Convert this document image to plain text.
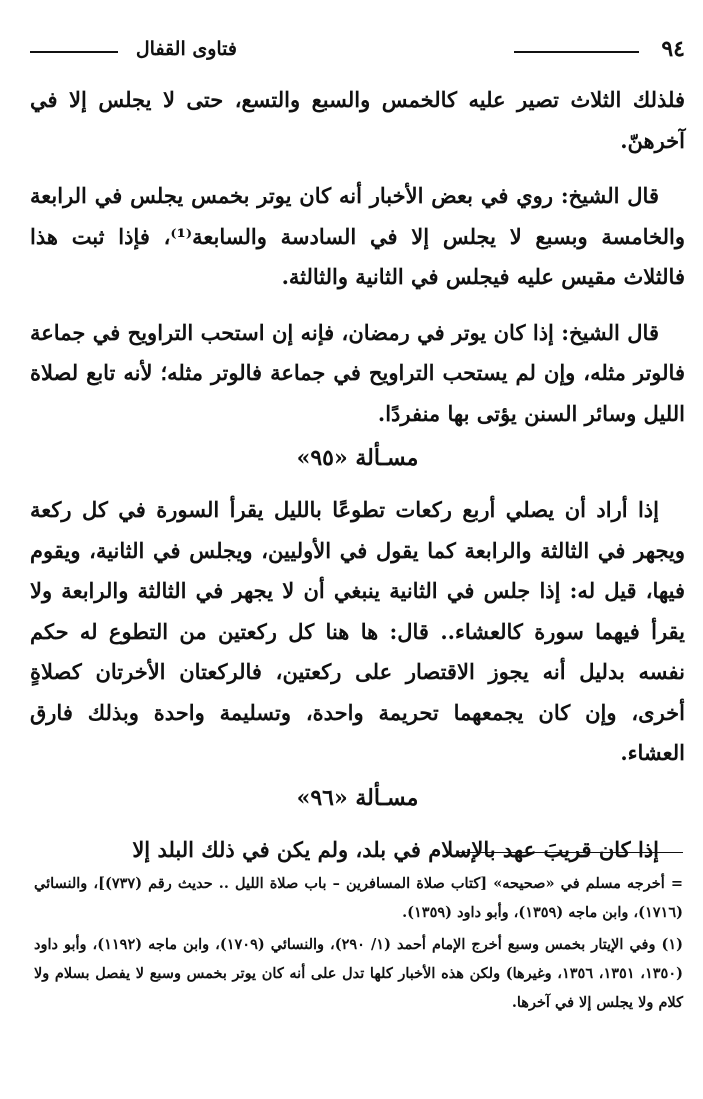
٩٤
فتاوى القفال

فلذلك الثلاث تصير عليه كالخمس والسبع والتسع، حتى لا يجلس إلا في آخرهنّ.

قال الشيخ: روي في بعض الأخبار أنه كان يوتر بخمس يجلس في الرابعة والخامسة وبسبع لا يجلس إلا في السادسة والسابعة⁽¹⁾، فإذا ثبت هذا فالثلاث مقيس عليه فيجلس في الثانية والثالثة.

قال الشيخ: إذا كان يوتر في رمضان، فإنه إن استحب التراويح في جماعة فالوتر مثله، وإن لم يستحب التراويح في جماعة فالوتر مثله؛ لأنه تابع لصلاة الليل وسائر السنن يؤتى بها منفردًا.

مسـألة «٩٥»

إذا أراد أن يصلي أربع ركعات تطوعًا بالليل يقرأ السورة في كل ركعة ويجهر في الثالثة والرابعة كما يقول في الأوليين، ويجلس في الثانية، ويقوم فيها، قيل له: إذا جلس في الثانية ينبغي أن لا يجهر في الثالثة والرابعة ولا يقرأ فيهما سورة كالعشاء.. قال: ها هنا كل ركعتين من التطوع له حكم نفسه بدليل أنه يجوز الاقتصار على ركعتين، فالركعتان الأخرتان كصلاةٍ أخرى، وإن كان يجمعهما تحريمة واحدة، وتسليمة واحدة وبذلك فارق العشاء.

مسـألة «٩٦»

إذا كان قريبَ عهد بالإسلام في بلد، ولم يكن في ذلك البلد إلا

= أخرجه مسلم في «صحيحه» [كتاب صلاة المسافرين – باب صلاة الليل .. حديث رقم (٧٣٧)]، والنسائي (١٧١٦)، وابن ماجه (١٣٥٩)، وأبو داود (١٣٥٩).

(١) وفي الإيتار بخمس وسبع أخرج الإمام أحمد (١/ ٢٩٠)، والنسائي (١٧٠٩)، وابن ماجه (١١٩٢)، وأبو داود (١٣٥٠، ١٣٥١، ١٣٥٦، وغيرها) ولكن هذه الأخبار كلها تدل على أنه كان يوتر بخمس وسبع لا يفصل بسلام ولا كلام ولا يجلس إلا في آخرها.
